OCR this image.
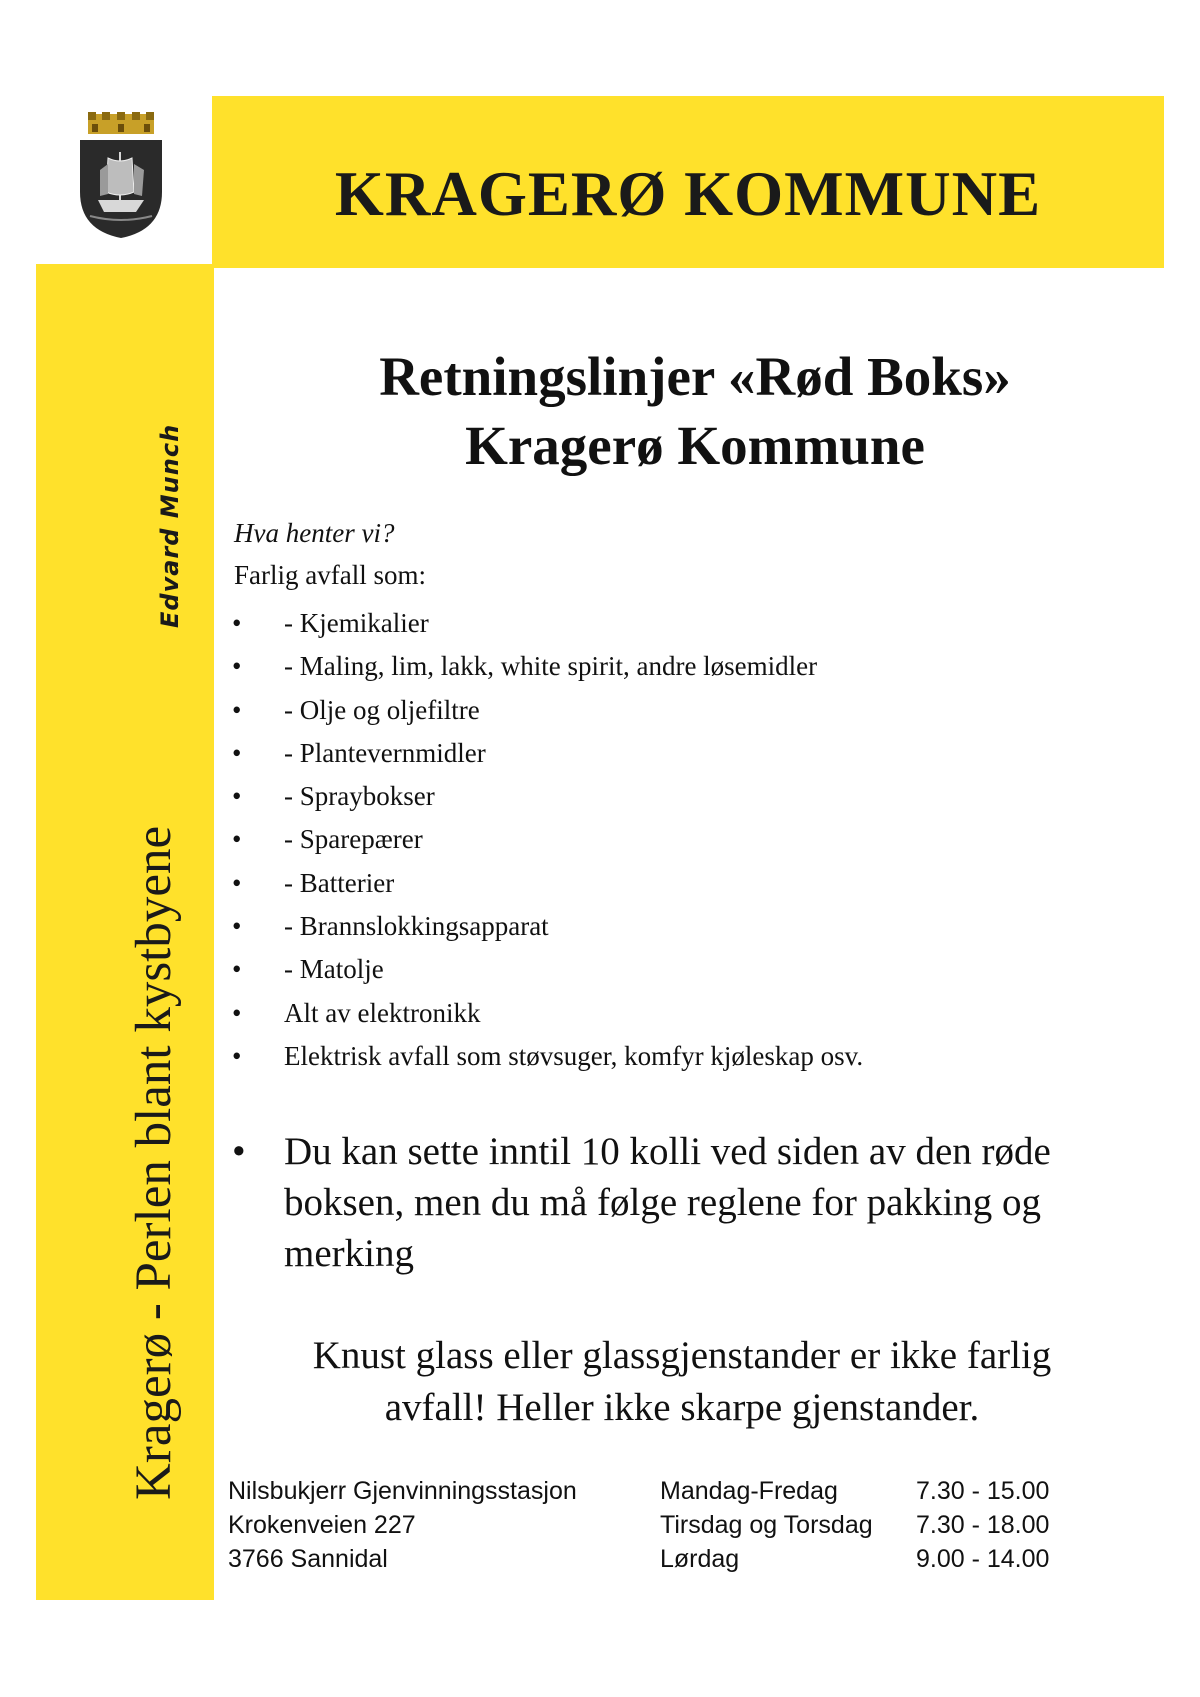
KRAGERØ KOMMUNE
Kragerø - Perlen blant kystbyene
Edvard Munch
Retningslinjer «Rød Boks»
Kragerø Kommune
Hva henter vi?
Farlig avfall som:
• - Kjemikalier
• - Maling, lim, lakk, white spirit, andre løsemidler
• - Olje og oljefiltre
• - Plantevernmidler
• - Spraybokser
• - Sparepærer
• - Batterier
• - Brannslokkingsapparat
• - Matolje
• Alt av elektronikk
• Elektrisk avfall som støvsuger, komfyr kjøleskap osv.
• Du kan sette inntil 10 kolli ved siden av den røde boksen, men du må følge reglene for pakking og merking
Knust glass eller glassgjenstander er ikke farlig
avfall! Heller ikke skarpe gjenstander.
Nilsbukjerr Gjenvinningsstasjon
Krokenveien 227
3766 Sannidal
Mandag-Fredag
Tirsdag og Torsdag
Lørdag
7.30 - 15.00
7.30 - 18.00
9.00 - 14.00
